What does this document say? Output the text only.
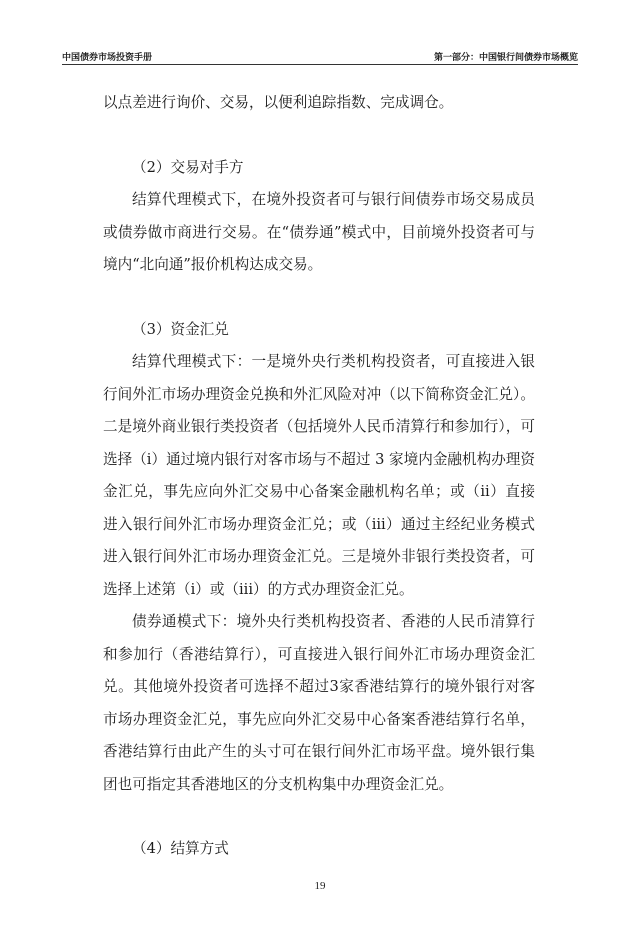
中国债券市场投资手册	第一部分：中国银行间债券市场概览

以点差进行询价、交易，以便利追踪指数、完成调仓。

（2）交易对手方

结算代理模式下，在境外投资者可与银行间债券市场交易成员或债券做市商进行交易。在“债券通”模式中，目前境外投资者可与境内“北向通”报价机构达成交易。

（3）资金汇兑

结算代理模式下：一是境外央行类机构投资者，可直接进入银行间外汇市场办理资金兑换和外汇风险对冲（以下简称资金汇兑）。二是境外商业银行类投资者（包括境外人民币清算行和参加行），可选择（i）通过境内银行对客市场与不超过 3 家境内金融机构办理资金汇兑，事先应向外汇交易中心备案金融机构名单；或（ii）直接进入银行间外汇市场办理资金汇兑；或（iii）通过主经纪业务模式进入银行间外汇市场办理资金汇兑。三是境外非银行类投资者，可选择上述第（i）或（iii）的方式办理资金汇兑。

债券通模式下：境外央行类机构投资者、香港的人民币清算行和参加行（香港结算行），可直接进入银行间外汇市场办理资金汇兑。其他境外投资者可选择不超过3家香港结算行的境外银行对客市场办理资金汇兑，事先应向外汇交易中心备案香港结算行名单，香港结算行由此产生的头寸可在银行间外汇市场平盘。境外银行集团也可指定其香港地区的分支机构集中办理资金汇兑。

（4）结算方式

19
